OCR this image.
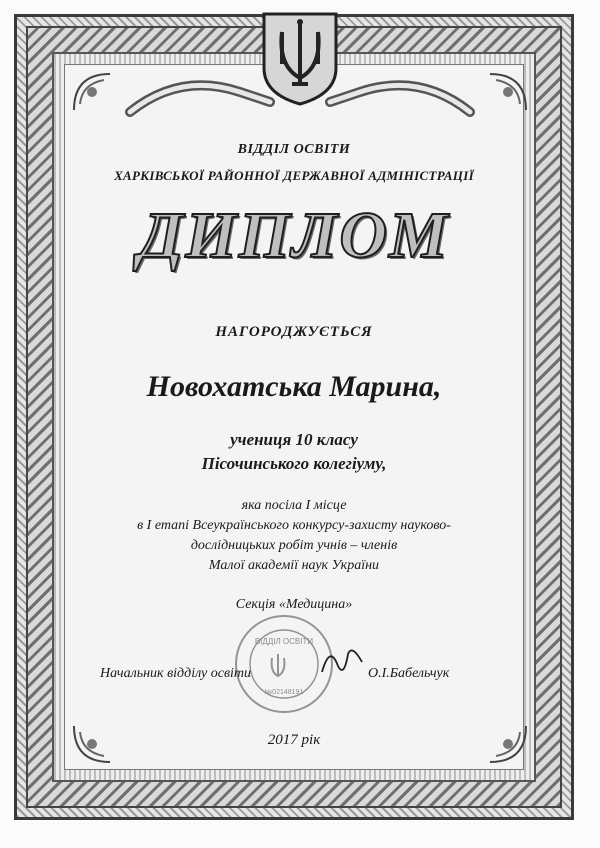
ВІДДІЛ ОСВІТИ
ХАРКІВСЬКОЇ РАЙОННОЇ ДЕРЖАВНОЇ АДМІНІСТРАЦІЇ
ДИПЛОМ
НАГОРОДЖУЄТЬСЯ
Новохатська Марина,
учениця 10 класу
Пісочинського колегіуму,
яка посіла І місце
в І етапі Всеукраїнського конкурсу-захисту науково-
дослідницьких робіт учнів – членів
Малої академії наук України
Секція «Медицина»
ВІДДІЛ ОСВІТИ
№02148191
Начальник відділу освіти	О.І.Бабельчук
2017 рік
